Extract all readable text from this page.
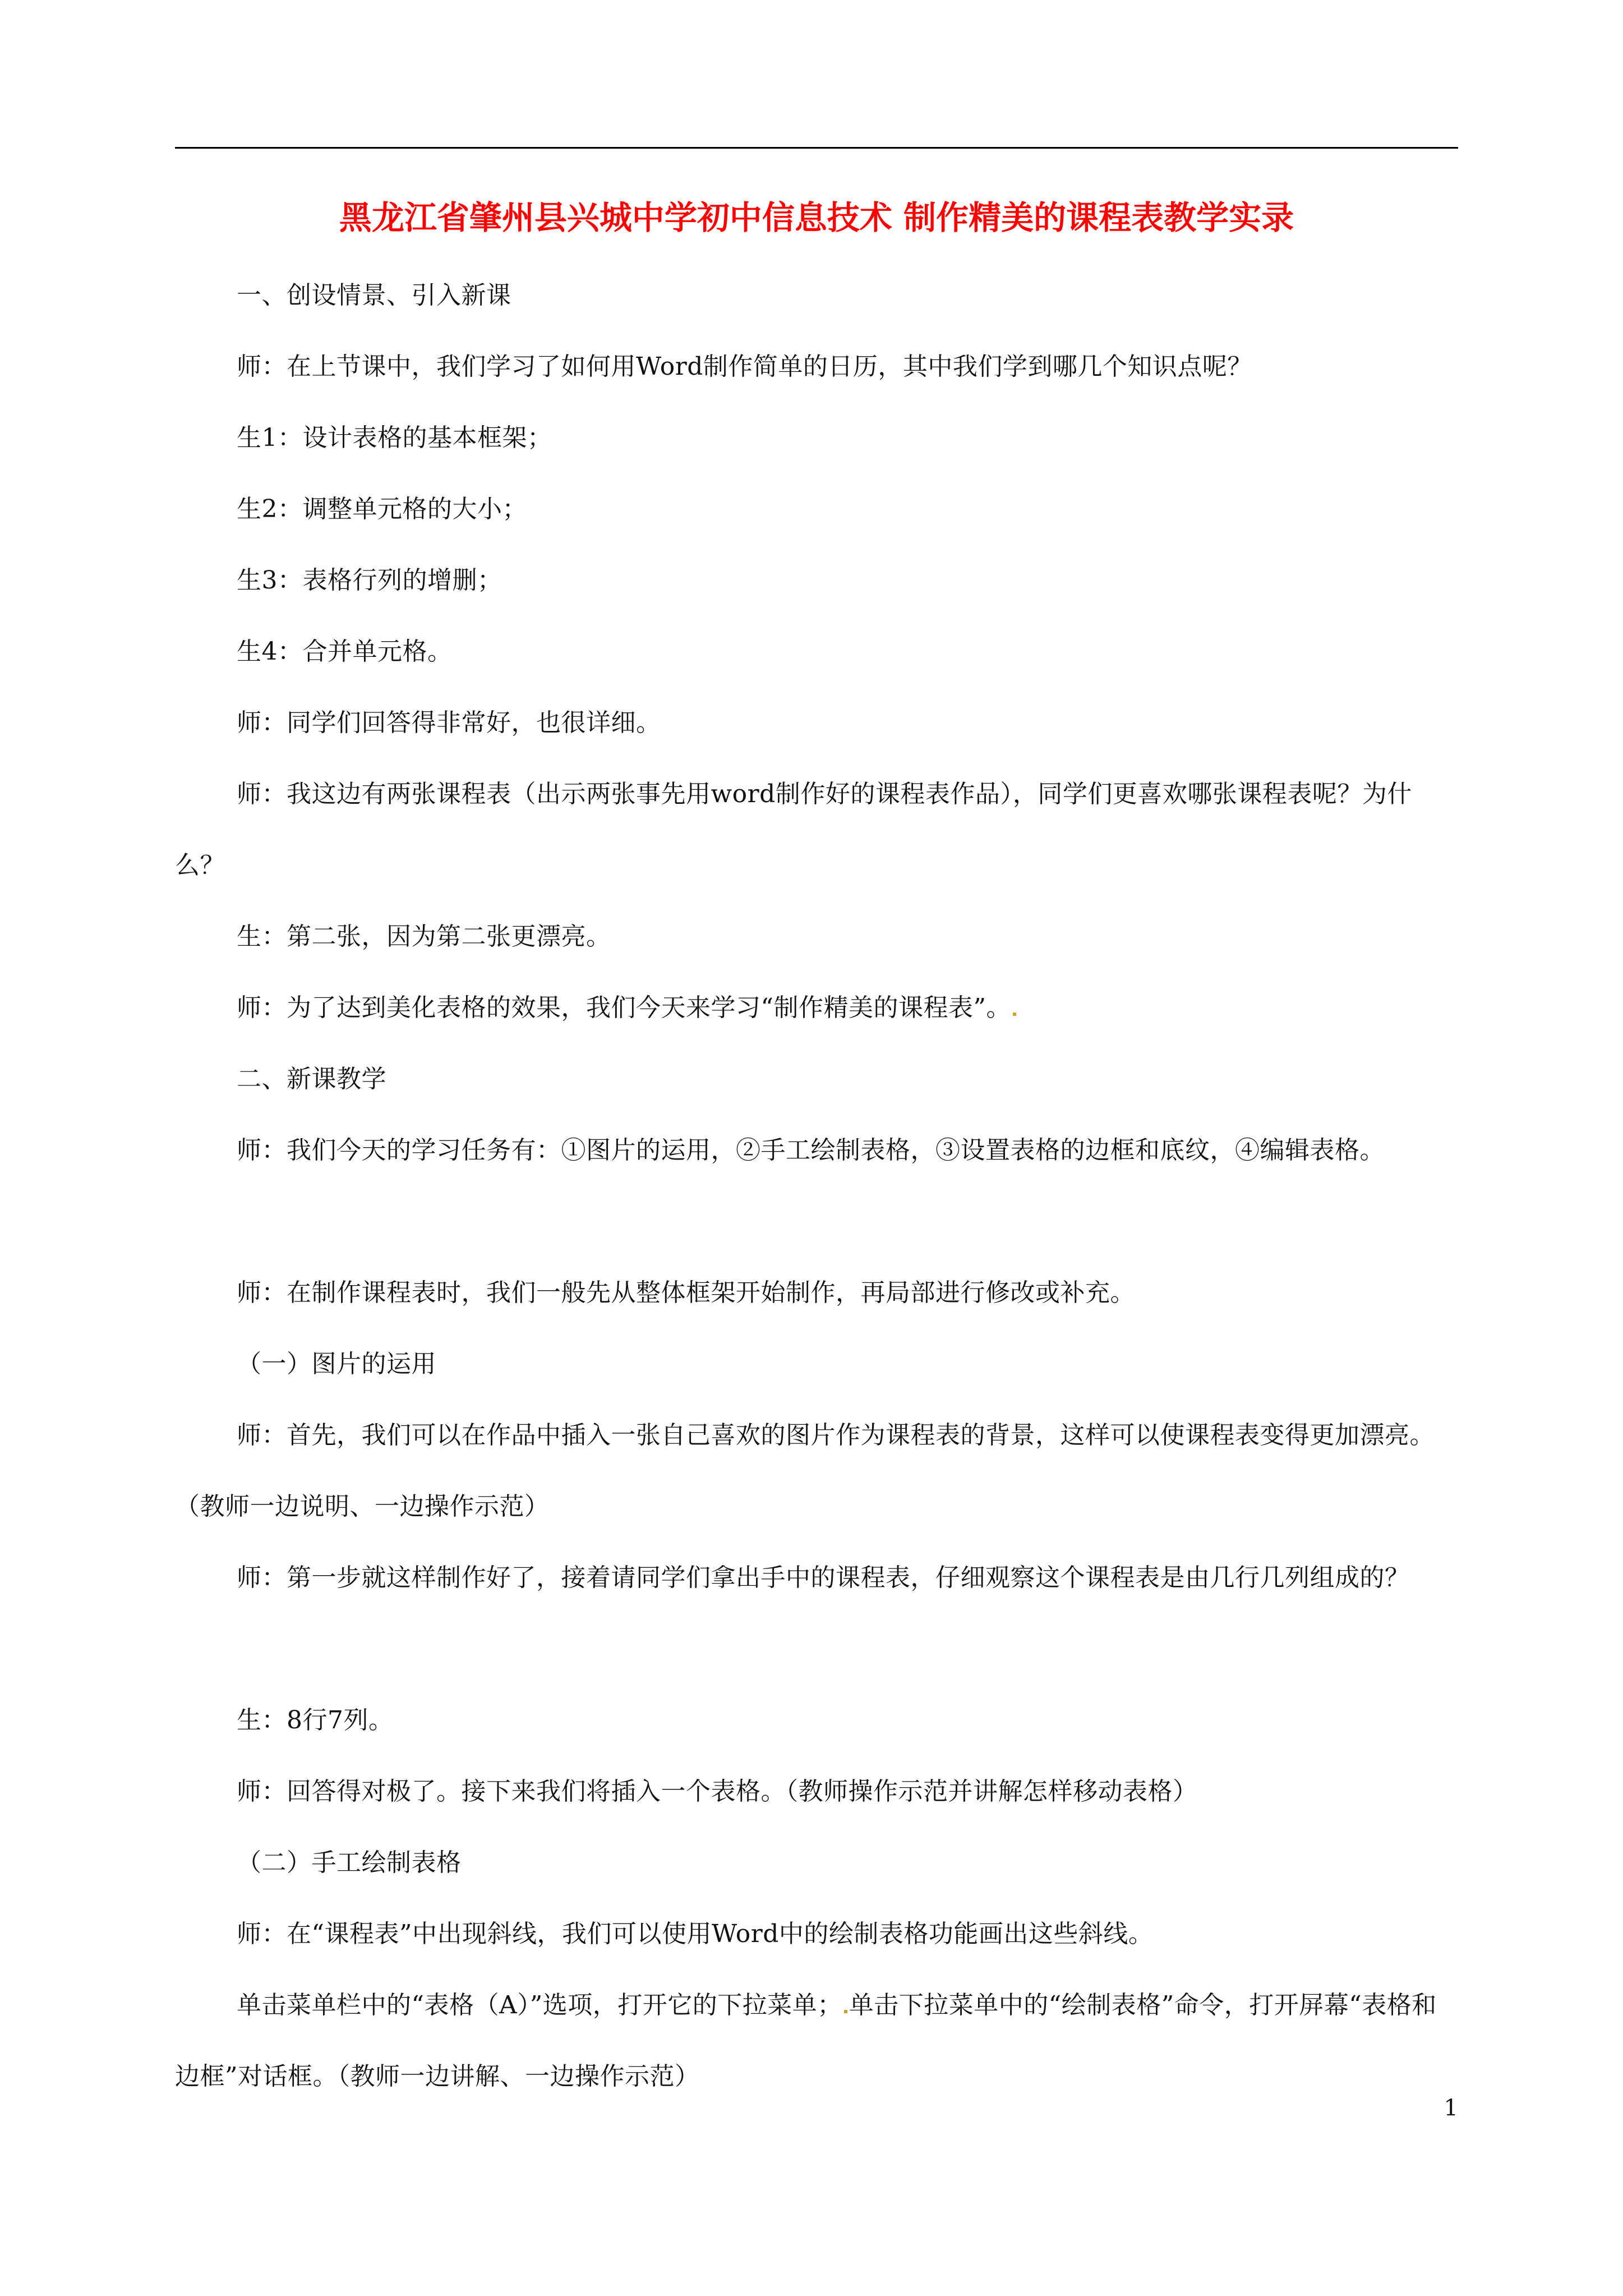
黑龙江省肇州县兴城中学初中信息技术 制作精美的课程表教学实录

一、创设情景、引入新课

师：在上节课中，我们学习了如何用Word制作简单的日历，其中我们学到哪几个知识点呢？

生1：设计表格的基本框架；

生2：调整单元格的大小；

生3：表格行列的增删；

生4：合并单元格。

师：同学们回答得非常好，也很详细。

师：我这边有两张课程表（出示两张事先用word制作好的课程表作品），同学们更喜欢哪张课程表呢？为什么？

生：第二张，因为第二张更漂亮。

师：为了达到美化表格的效果，我们今天来学习“制作精美的课程表”。

二、新课教学

师：我们今天的学习任务有：①图片的运用，②手工绘制表格，③设置表格的边框和底纹，④编辑表格。

师：在制作课程表时，我们一般先从整体框架开始制作，再局部进行修改或补充。

（一）图片的运用

师：首先，我们可以在作品中插入一张自己喜欢的图片作为课程表的背景，这样可以使课程表变得更加漂亮。（教师一边说明、一边操作示范）

师：第一步就这样制作好了，接着请同学们拿出手中的课程表，仔细观察这个课程表是由几行几列组成的？

生：8行7列。

师：回答得对极了。接下来我们将插入一个表格。（教师操作示范并讲解怎样移动表格）

（二）手工绘制表格

师：在“课程表”中出现斜线，我们可以使用Word中的绘制表格功能画出这些斜线。

单击菜单栏中的“表格（A）”选项，打开它的下拉菜单； 单击下拉菜单中的“绘制表格”命令，打开屏幕“表格和边框”对话框。（教师一边讲解、一边操作示范）

1
